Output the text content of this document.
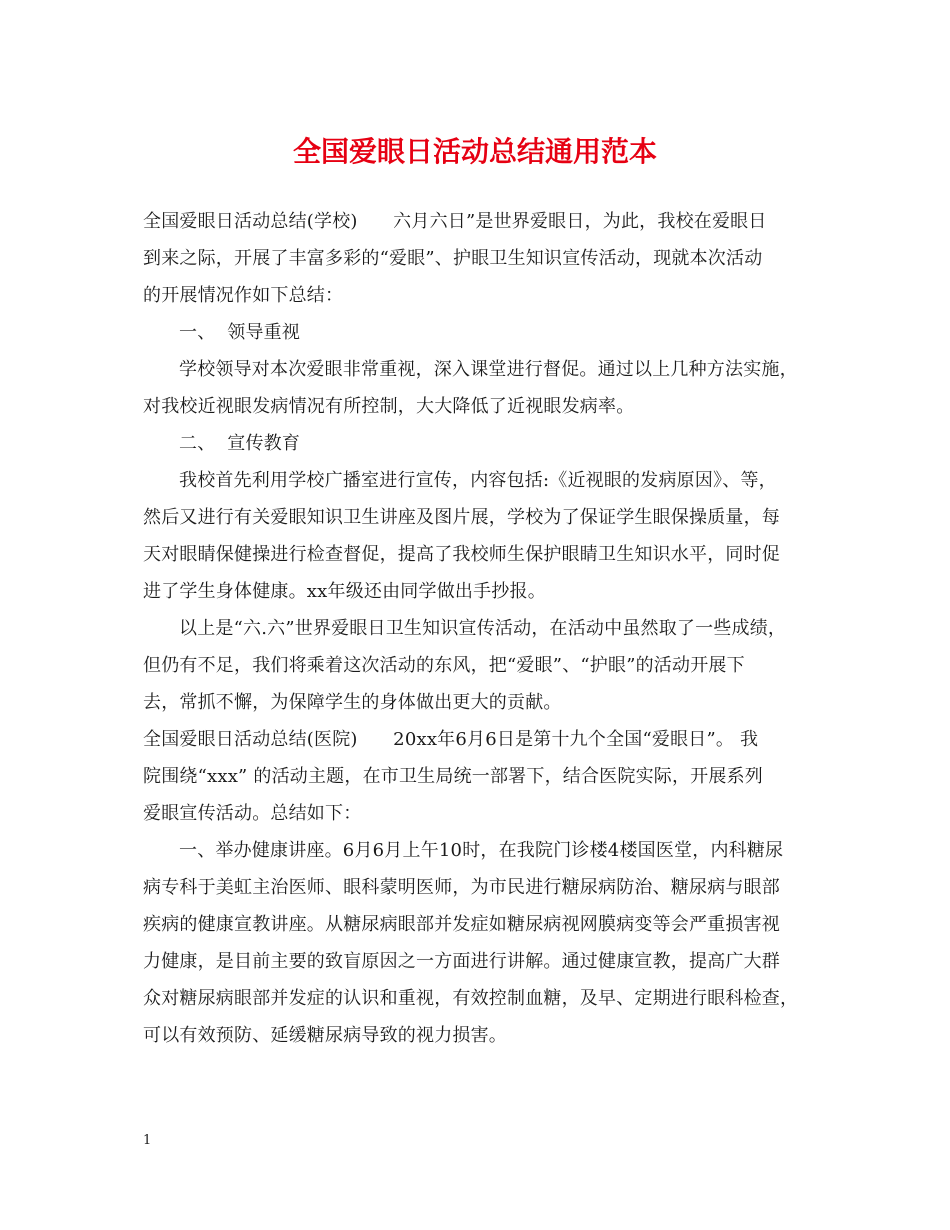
全国爱眼日活动总结通用范本
全国爱眼日活动总结(学校)      六月六日”是世界爱眼日，为此，我校在爱眼日
到来之际，开展了丰富多彩的“爱眼”、护眼卫生知识宣传活动，现就本次活动
的开展情况作如下总结：
一、  领导重视
学校领导对本次爱眼非常重视，深入课堂进行督促。通过以上几种方法实施，
对我校近视眼发病情况有所控制，大大降低了近视眼发病率。
二、  宣传教育
我校首先利用学校广播室进行宣传，内容包括:《近视眼的发病原因》、等，
然后又进行有关爱眼知识卫生讲座及图片展，学校为了保证学生眼保操质量，每
天对眼睛保健操进行检查督促，提高了我校师生保护眼睛卫生知识水平，同时促
进了学生身体健康。xx年级还由同学做出手抄报。
以上是“六.六”世界爱眼日卫生知识宣传活动，在活动中虽然取了一些成绩，
但仍有不足，我们将乘着这次活动的东风，把“爱眼”、“护眼”的活动开展下
去，常抓不懈，为保障学生的身体做出更大的贡献。
全国爱眼日活动总结(医院)      20xx年6月6日是第十九个全国“爱眼日”。 我
院围绕“xxx” 的活动主题，在市卫生局统一部署下，结合医院实际，开展系列
爱眼宣传活动。总结如下：
一、举办健康讲座。6月6月上午10时，在我院门诊楼4楼国医堂，内科糖尿
病专科于美虹主治医师、眼科蒙明医师，为市民进行糖尿病防治、糖尿病与眼部
疾病的健康宣教讲座。从糖尿病眼部并发症如糖尿病视网膜病变等会严重损害视
力健康，是目前主要的致盲原因之一方面进行讲解。通过健康宣教，提高广大群
众对糖尿病眼部并发症的认识和重视，有效控制血糖，及早、定期进行眼科检查，
可以有效预防、延缓糖尿病导致的视力损害。
1
